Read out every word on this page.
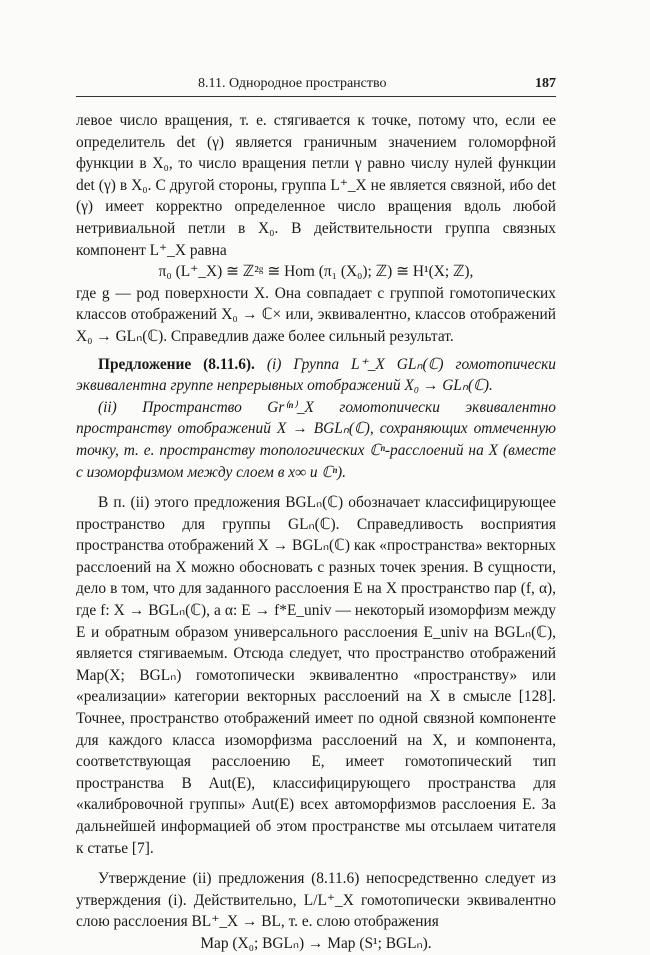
8.11. Однородное пространство	187

левое число вращения, т. е. стягивается к точке, потому что, если ее определитель det (γ) является граничным значением голоморфной функции в X₀, то число вращения петли γ равно числу нулей функции det (γ) в X₀. С другой стороны, группа L⁺_X не является связной, ибо det (γ) имеет корректно определенное число вращения вдоль любой нетривиальной петли в X₀. В действительности группа связных компонент L⁺_X равна

π₀ (L⁺_X) ≅ ℤ²ᵍ ≅ Hom (π₁ (X₀); ℤ) ≅ H¹(X; ℤ),

где g — род поверхности X. Она совпадает с группой гомотопических классов отображений X₀ → ℂ× или, эквивалентно, классов отображений X₀ → GLₙ(ℂ). Справедлив даже более сильный результат.

Предложение (8.11.6). (i) Группа L⁺_X GLₙ(ℂ) гомотопически эквивалентна группе непрерывных отображений X₀ → GLₙ(ℂ).

(ii) Пространство Gr⁽ⁿ⁾_X гомотопически эквивалентно пространству отображений X → BGLₙ(ℂ), сохраняющих отмеченную точку, т. е. пространству топологических ℂⁿ-расслоений на X (вместе с изоморфизмом между слоем в x∞ и ℂⁿ).

В п. (ii) этого предложения BGLₙ(ℂ) обозначает классифицирующее пространство для группы GLₙ(ℂ). Справедливость восприятия пространства отображений X → BGLₙ(ℂ) как «пространства» векторных расслоений на X можно обосновать с разных точек зрения. В сущности, дело в том, что для заданного расслоения E на X пространство пар (f, α), где f: X → BGLₙ(ℂ), а α: E → f*E_univ — некоторый изоморфизм между E и обратным образом универсального расслоения E_univ на BGLₙ(ℂ), является стягиваемым. Отсюда следует, что пространство отображений Map(X; BGLₙ) гомотопически эквивалентно «пространству» или «реализации» категории векторных расслоений на X в смысле [128]. Точнее, пространство отображений имеет по одной связной компоненте для каждого класса изоморфизма расслоений на X, и компонента, соответствующая расслоению E, имеет гомотопический тип пространства B Aut(E), классифицирующего пространства для «калибровочной группы» Aut(E) всех автоморфизмов расслоения E. За дальнейшей информацией об этом пространстве мы отсылаем читателя к статье [7].

Утверждение (ii) предложения (8.11.6) непосредственно следует из утверждения (i). Действительно, L/L⁺_X гомотопически эквивалентно слою расслоения BL⁺_X → BL, т. е. слою отображения

Map (X₀; BGLₙ) → Map (S¹; BGLₙ).
